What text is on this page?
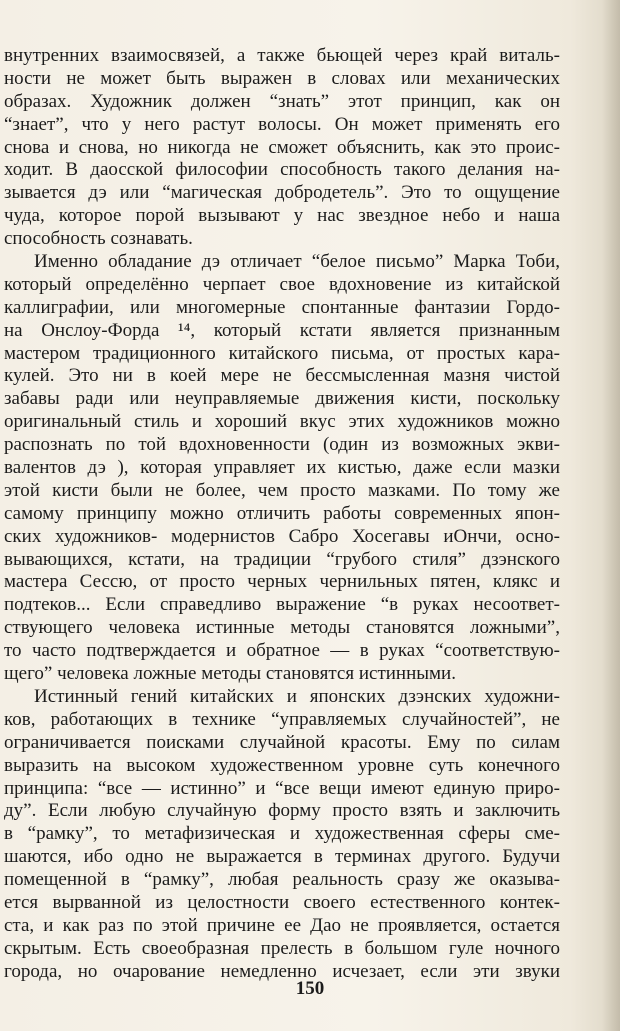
внутренних взаимосвязей, а также бьющей через край виталь-
ности не может быть выражен в словах или механических
образах. Художник должен “знать” этот принцип, как он
“знает”, что у него растут волосы. Он может применять его
снова и снова, но никогда не сможет объяснить, как это проис-
ходит. В даосской философии способность такого делания на-
зывается дэ или “магическая добродетель”. Это то ощущение
чуда, которое порой вызывают у нас звездное небо и наша
способность сознавать.
Именно обладание дэ отличает “белое письмо” Марка Тоби,
который определённо черпает свое вдохновение из китайской
каллиграфии, или многомерные спонтанные фантазии Гордо-
на Онслоу-Форда ¹⁴, который кстати является признанным
мастером традиционного китайского письма, от простых кара-
кулей. Это ни в коей мере не бессмысленная мазня чистой
забавы ради или неуправляемые движения кисти, поскольку
оригинальный стиль и хороший вкус этих художников можно
распознать по той вдохновенности (один из возможных экви-
валентов дэ ), которая управляет их кистью, даже если мазки
этой кисти были не более, чем просто мазками. По тому же
самому принципу можно отличить работы современных япон-
ских художников- модернистов Сабро Хосегавы иОнчи, осно-
вывающихся, кстати, на традиции “грубого стиля” дзэнского
мастера Сессю, от просто черных чернильных пятен, клякс и
подтеков... Если справедливо выражение “в руках несоответ-
ствующего человека истинные методы становятся ложными”,
то часто подтверждается и обратное — в руках “соответствую-
щего” человека ложные методы становятся истинными.
Истинный гений китайских и японских дзэнских художни-
ков, работающих в технике “управляемых случайностей”, не
ограничивается поисками случайной красоты. Ему по силам
выразить на высоком художественном уровне суть конечного
принципа: “все — истинно” и “все вещи имеют единую приро-
ду”. Если любую случайную форму просто взять и заключить
в “рамку”, то метафизическая и художественная сферы сме-
шаются, ибо одно не выражается в терминах другого. Будучи
помещенной в “рамку”, любая реальность сразу же оказыва-
ется вырванной из целостности своего естественного контек-
ста, и как раз по этой причине ее Дао не проявляется, остается
скрытым. Есть своеобразная прелесть в большом гуле ночного
города, но очарование немедленно исчезает, если эти звуки
150
